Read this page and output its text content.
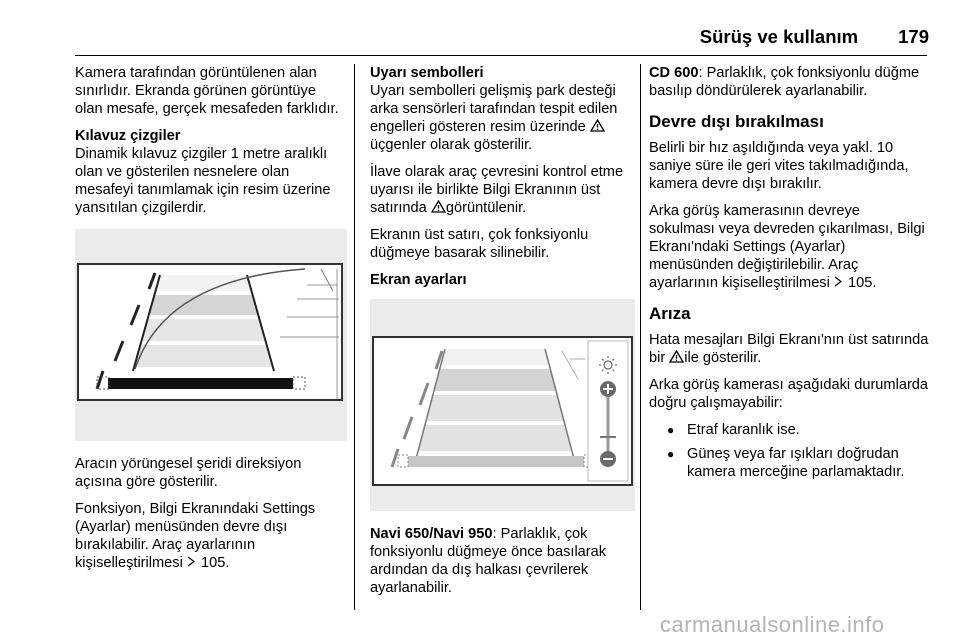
Sürüş ve kullanım 179

Kamera tarafından görüntülenen alan sınırlıdır. Ekranda görünen görüntüye olan mesafe, gerçek mesafeden farklıdır.

Kılavuz çizgiler

Dinamik kılavuz çizgiler 1 metre aralıklı olan ve gösterilen nesnelere olan mesafeyi tanımlamak için resim üzerine yansıtılan çizgilerdir.

Aracın yörüngesel şeridi direksiyon açısına göre gösterilir.

Fonksiyon, Bilgi Ekranındaki Settings (Ayarlar) menüsünden devre dışı bırakılabilir. Araç ayarlarının kişiselleştirilmesi 105.

Uyarı sembolleri

Uyarı sembolleri gelişmiş park desteği arka sensörleri tarafından tespit edilen engelleri gösteren resim üzerinde üçgenler olarak gösterilir.

İlave olarak araç çevresini kontrol etme uyarısı ile birlikte Bilgi Ekranının üst satırında görüntülenir.

Ekranın üst satırı, çok fonksiyonlu düğmeye basarak silinebilir.

Ekran ayarları

Navi 650/Navi 950: Parlaklık, çok fonksiyonlu düğmeye önce basılarak ardından da dış halkası çevrilerek ayarlanabilir.

CD 600: Parlaklık, çok fonksiyonlu düğme basılıp döndürülerek ayarlanabilir.

Devre dışı bırakılması

Belirli bir hız aşıldığında veya yakl. 10 saniye süre ile geri vites takılmadığında, kamera devre dışı bırakılır.

Arka görüş kamerasının devreye sokulması veya devreden çıkarılması, Bilgi Ekranı'ndaki Settings (Ayarlar) menüsünden değiştirilebilir. Araç ayarlarının kişiselleştirilmesi 105.

Arıza

Hata mesajları Bilgi Ekranı'nın üst satırında bir ile gösterilir.

Arka görüş kamerası aşağıdaki durumlarda doğru çalışmayabilir:

● Etraf karanlık ise.
● Güneş veya far ışıkları doğrudan kamera merceğine parlamaktadır.
carmanualsonline.info
